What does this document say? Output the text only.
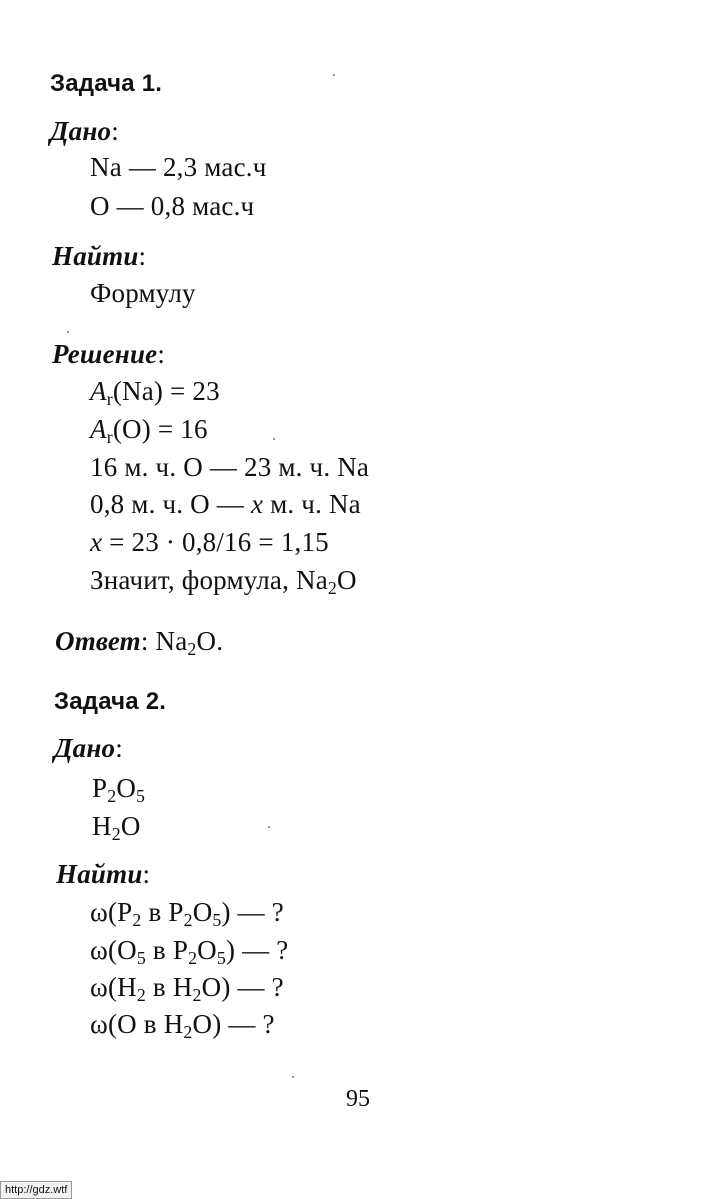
Задача 1.
Дано:
Na — 2,3 мас.ч
O — 0,8 мас.ч
Найти:
Формулу
Решение:
$A_r(Na) = 23$
$A_r(O) = 16$
16 м. ч. O — 23 м. ч. Na
0,8 м. ч. O — x м. ч. Na
x = 23 · 0,8/16 = 1,15
Значит, формула, $Na_2O$
Ответ: $Na_2O$.
Задача 2.
Дано:
$P_2O_5$
$H_2O$
Найти:
$\omega(P_2$ в $P_2O_5$) — ?
$\omega(O_5$ в $P_2O_5$) — ?
$\omega(H_2$ в $H_2O$) — ?
ω(O в $H_2O$) — ?
95
http://gdz.wtf
